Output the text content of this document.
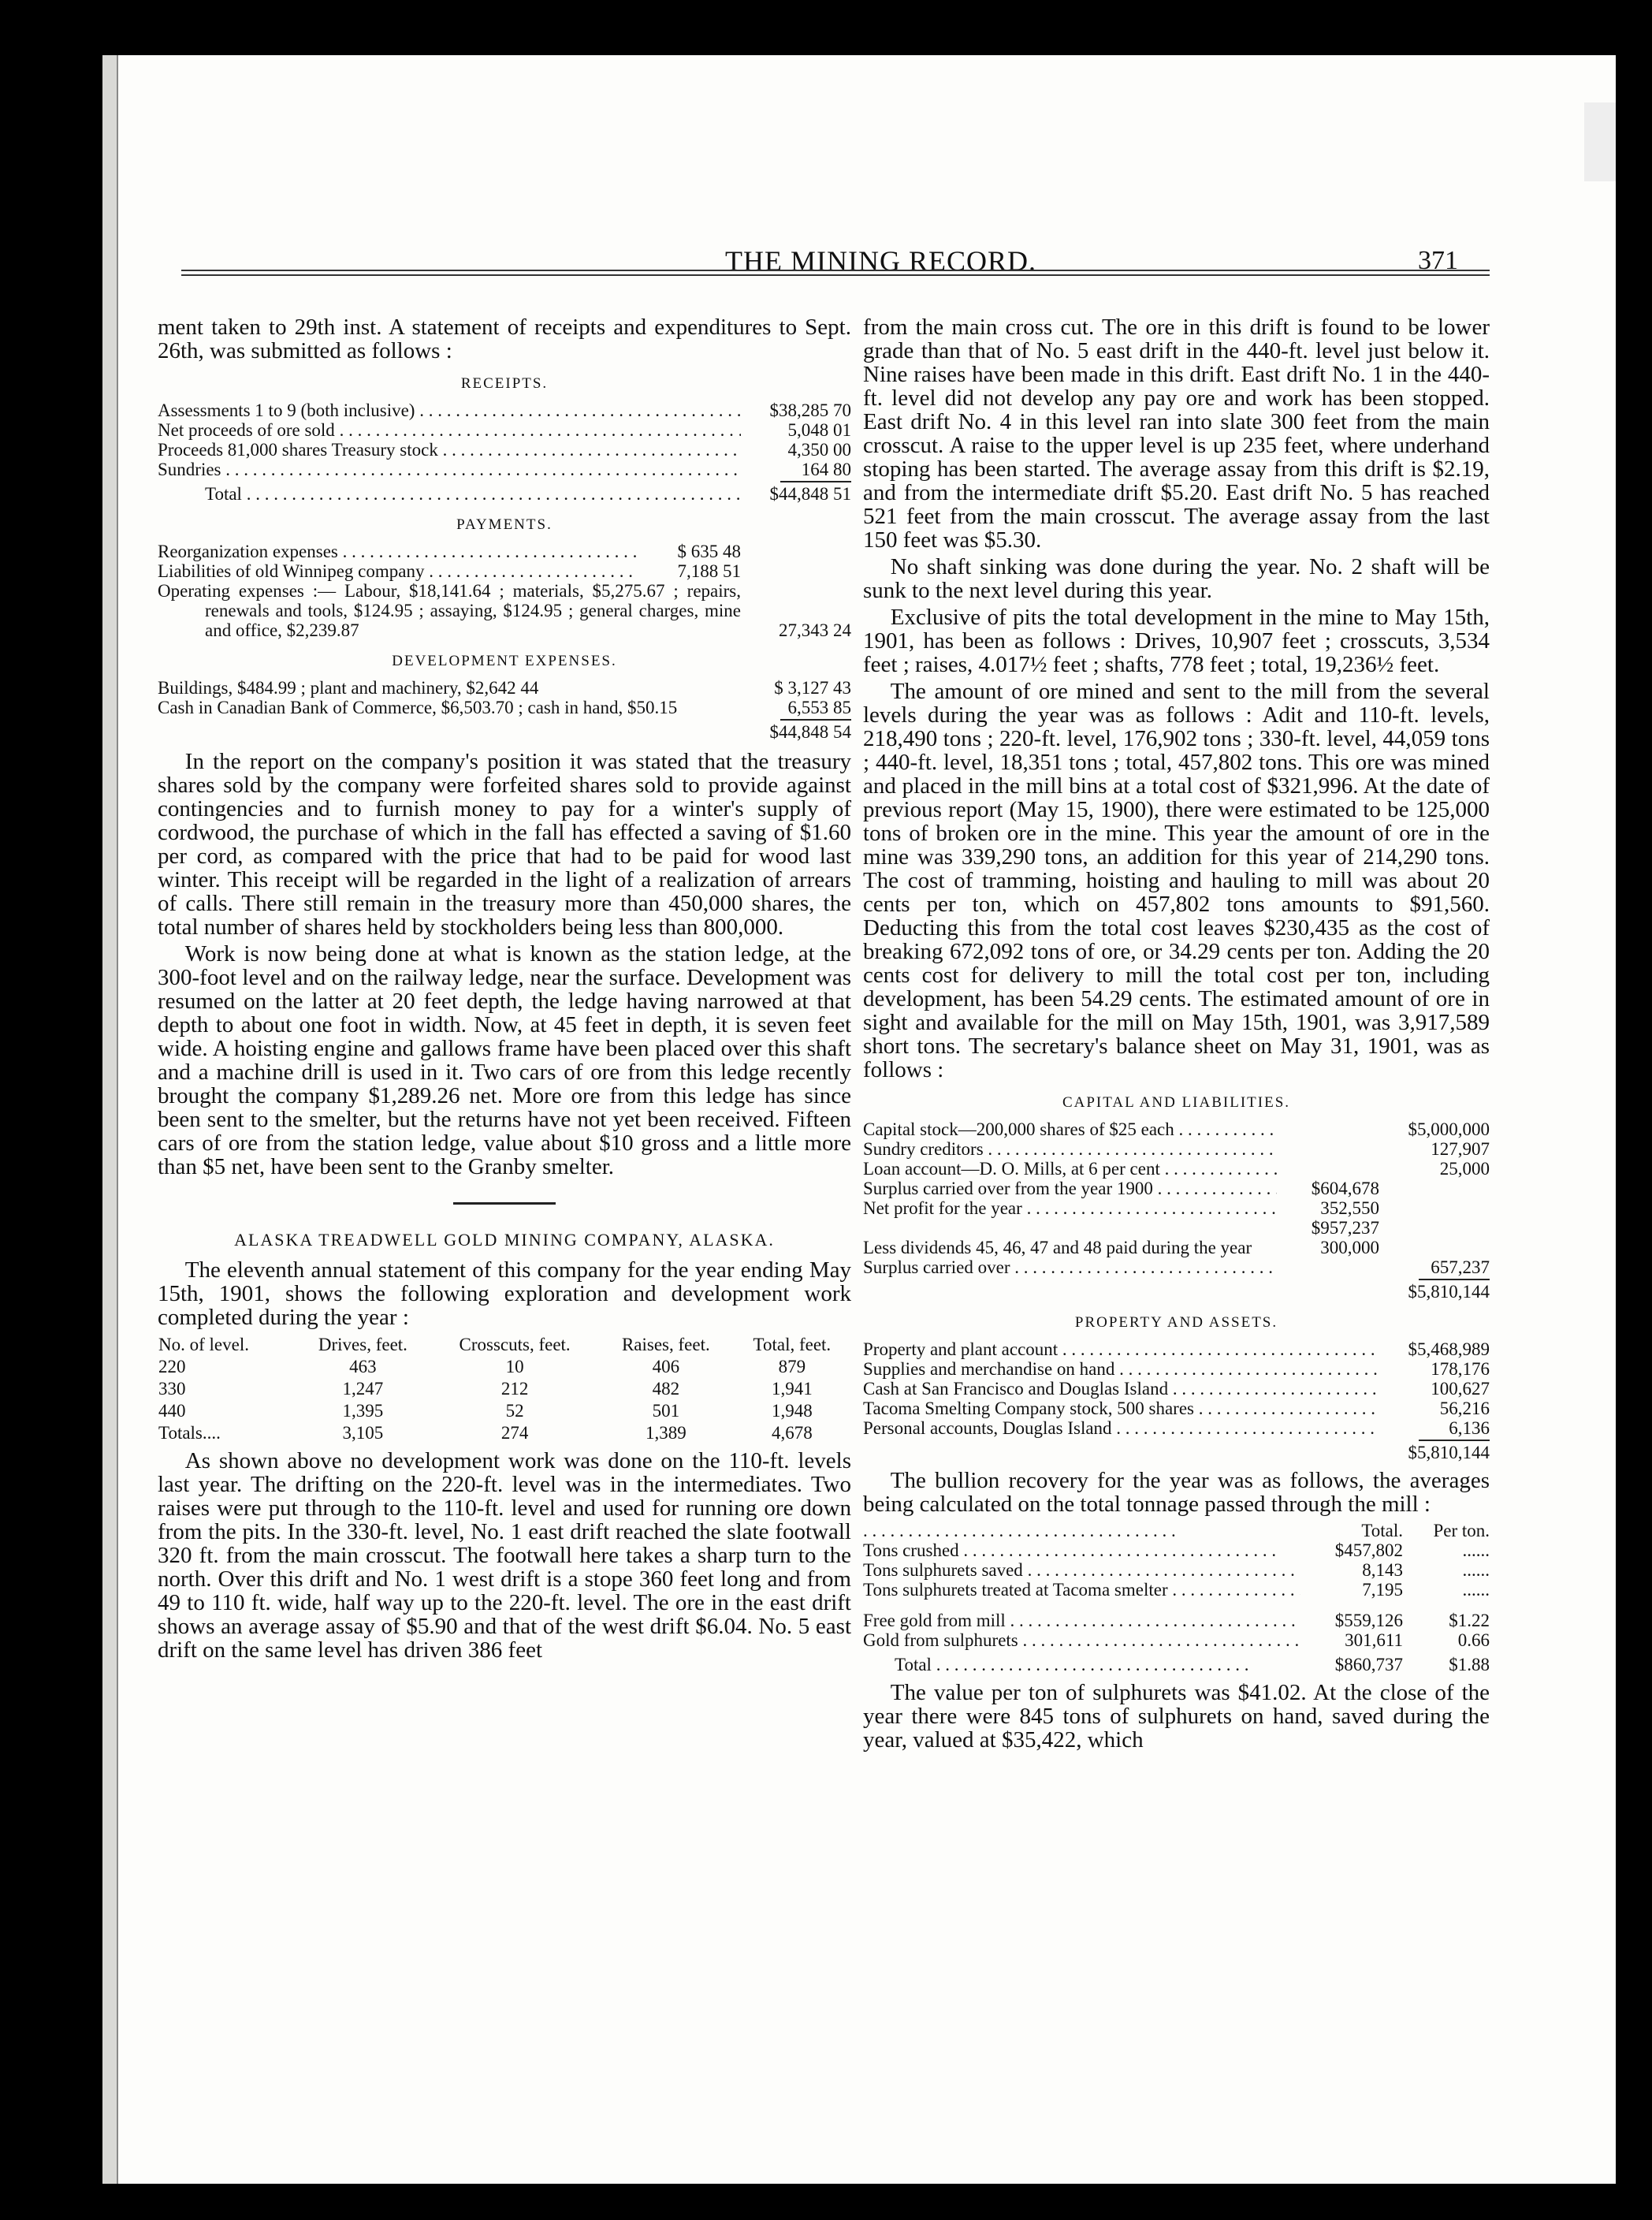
THE MINING RECORD.	371

ment taken to 29th inst. A statement of receipts and expenditures to Sept. 26th, was submitted as follows :

RECEIPTS.
Assessments 1 to 9 (both inclusive) . . .	$38,285 70
Net proceeds of ore sold . . .	5,048 01
Proceeds 81,000 shares Treasury stock . . .	4,350 00
Sundries . . .	164 80
Total . . .	$44,848 51
PAYMENTS.
Reorganization expenses . . .	$ 635 48
Liabilities of old Winnipeg company . . .	7,188 51
Operating expenses :— Labour, $18,141.64 ; materials, $5,275.67 ; repairs, renewals and tools, $124.95 ; assaying, $124.95 ; general charges, mine and office, $2,239.87	27,343 24
DEVELOPMENT EXPENSES.
Buildings, $484.99 ; plant and machinery, $2,642 44	$ 3,127 43
Cash in Canadian Bank of Commerce, $6,503.70 ; cash in hand, $50.15	6,553 85
$44,848 54

In the report on the company's position it was stated that the treasury shares sold by the company were forfeited shares sold to provide against contingencies and to furnish money to pay for a winter's supply of cordwood, the purchase of which in the fall has effected a saving of $1.60 per cord, as compared with the price that had to be paid for wood last winter. This receipt will be regarded in the light of a realization of arrears of calls. There still remain in the treasury more than 450,000 shares, the total number of shares held by stockholders being less than 800,000.

Work is now being done at what is known as the station ledge, at the 300-foot level and on the railway ledge, near the surface. Development was resumed on the latter at 20 feet depth, the ledge having narrowed at that depth to about one foot in width. Now, at 45 feet in depth, it is seven feet wide. A hoisting engine and gallows frame have been placed over this shaft and a machine drill is used in it. Two cars of ore from this ledge recently brought the company $1,289.26 net. More ore from this ledge has since been sent to the smelter, but the returns have not yet been received. Fifteen cars of ore from the station ledge, value about $10 gross and a little more than $5 net, have been sent to the Granby smelter.

ALASKA TREADWELL GOLD MINING COMPANY, ALASKA.

The eleventh annual statement of this company for the year ending May 15th, 1901, shows the following exploration and development work completed during the year :

No. of level.	Drives, feet.	Crosscuts, feet.	Raises, feet.	Total, feet.
220	463	10	406	879
330	1,247	212	482	1,941
440	1,395	52	501	1,948
Totals....	3,105	274	1,389	4,678

As shown above no development work was done on the 110-ft. levels last year. The drifting on the 220-ft. level was in the intermediates. Two raises were put through to the 110-ft. level and used for running ore down from the pits. In the 330-ft. level, No. 1 east drift reached the slate footwall 320 ft. from the main crosscut. The footwall here takes a sharp turn to the north. Over this drift and No. 1 west drift is a stope 360 feet long and from 49 to 110 ft. wide, half way up to the 220-ft. level. The ore in the east drift shows an average assay of $5.90 and that of the west drift $6.04. No. 5 east drift on the same level has driven 386 feet

from the main cross cut. The ore in this drift is found to be lower grade than that of No. 5 east drift in the 440-ft. level just below it. Nine raises have been made in this drift. East drift No. 1 in the 440-ft. level did not develop any pay ore and work has been stopped. East drift No. 4 in this level ran into slate 300 feet from the main crosscut. A raise to the upper level is up 235 feet, where underhand stoping has been started. The average assay from this drift is $2.19, and from the intermediate drift $5.20. East drift No. 5 has reached 521 feet from the main crosscut. The average assay from the last 150 feet was $5.30.

No shaft sinking was done during the year. No. 2 shaft will be sunk to the next level during this year.

Exclusive of pits the total development in the mine to May 15th, 1901, has been as follows : Drives, 10,907 feet ; crosscuts, 3,534 feet ; raises, 4.017½ feet ; shafts, 778 feet ; total, 19,236½ feet.

The amount of ore mined and sent to the mill from the several levels during the year was as follows : Adit and 110-ft. levels, 218,490 tons ; 220-ft. level, 176,902 tons ; 330-ft. level, 44,059 tons ; 440-ft. level, 18,351 tons ; total, 457,802 tons. This ore was mined and placed in the mill bins at a total cost of $321,996. At the date of previous report (May 15, 1900), there were estimated to be 125,000 tons of broken ore in the mine. This year the amount of ore in the mine was 339,290 tons, an addition for this year of 214,290 tons. The cost of tramming, hoisting and hauling to mill was about 20 cents per ton, which on 457,802 tons amounts to $91,560. Deducting this from the total cost leaves $230,435 as the cost of breaking 672,092 tons of ore, or 34.29 cents per ton. Adding the 20 cents cost for delivery to mill the total cost per ton, including development, has been 54.29 cents. The estimated amount of ore in sight and available for the mill on May 15th, 1901, was 3,917,589 short tons. The secretary's balance sheet on May 31, 1901, was as follows :

CAPITAL AND LIABILITIES.
Capital stock—200,000 shares of $25 each . . .	$5,000,000
Sundry creditors . . .	127,907
Loan account—D. O. Mills, at 6 per cent . . .	25,000
Surplus carried over from the year 1900 . . .	$604,678
Net profit for the year . . .	352,550
$957,237
Less dividends 45, 46, 47 and 48 paid during the year	300,000
Surplus carried over . . .	657,237
$5,810,144
PROPERTY AND ASSETS.
Property and plant account . . .	$5,468,989
Supplies and merchandise on hand . . .	178,176
Cash at San Francisco and Douglas Island . . .	100,627
Tacoma Smelting Company stock, 500 shares . . .	56,216
Personal accounts, Douglas Island . . .	6,136
$5,810,144

The bullion recovery for the year was as follows, the averages being calculated on the total tonnage passed through the mill :

. . .
Total.	Per ton.
Tons crushed . . .	$457,802	......
Tons sulphurets saved . . .	8,143	......
Tons sulphurets treated at Tacoma smelter . . .	7,195	......
Free gold from mill . . .	$559,126	$1.22
Gold from sulphurets . . .	301,611	0.66
Total . . .	$860,737	$1.88

The value per ton of sulphurets was $41.02. At the close of the year there were 845 tons of sulphurets on hand, saved during the year, valued at $35,422, which
